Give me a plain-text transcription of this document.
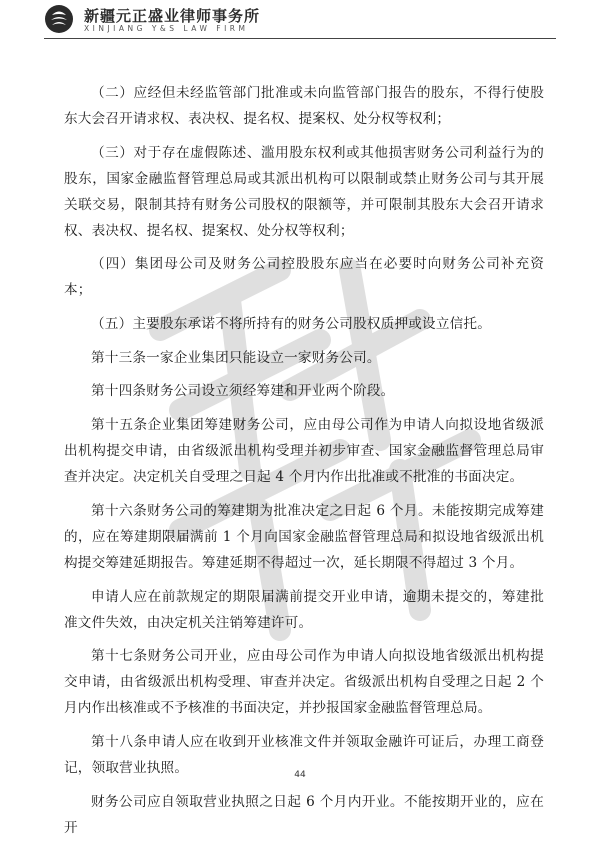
新疆元正盛业律师事务所
XINJIANG Y&S LAW FIRM

（二）应经但未经监管部门批准或未向监管部门报告的股东，不得行使股东大会召开请求权、表决权、提名权、提案权、处分权等权利；

（三）对于存在虚假陈述、滥用股东权利或其他损害财务公司利益行为的股东，国家金融监督管理总局或其派出机构可以限制或禁止财务公司与其开展关联交易，限制其持有财务公司股权的限额等，并可限制其股东大会召开请求权、表决权、提名权、提案权、处分权等权利；

（四）集团母公司及财务公司控股股东应当在必要时向财务公司补充资本；

（五）主要股东承诺不将所持有的财务公司股权质押或设立信托。

第十三条一家企业集团只能设立一家财务公司。

第十四条财务公司设立须经筹建和开业两个阶段。

第十五条企业集团筹建财务公司，应由母公司作为申请人向拟设地省级派出机构提交申请，由省级派出机构受理并初步审查、国家金融监督管理总局审查并决定。决定机关自受理之日起 4 个月内作出批准或不批准的书面决定。

第十六条财务公司的筹建期为批准决定之日起 6 个月。未能按期完成筹建的，应在筹建期限届满前 1 个月向国家金融监督管理总局和拟设地省级派出机构提交筹建延期报告。筹建延期不得超过一次，延长期限不得超过 3 个月。

申请人应在前款规定的期限届满前提交开业申请，逾期未提交的，筹建批准文件失效，由决定机关注销筹建许可。

第十七条财务公司开业，应由母公司作为申请人向拟设地省级派出机构提交申请，由省级派出机构受理、审查并决定。省级派出机构自受理之日起 2 个月内作出核准或不予核准的书面决定，并抄报国家金融监督管理总局。

第十八条申请人应在收到开业核准文件并领取金融许可证后，办理工商登记，领取营业执照。

财务公司应自领取营业执照之日起 6 个月内开业。不能按期开业的，应在开

44
